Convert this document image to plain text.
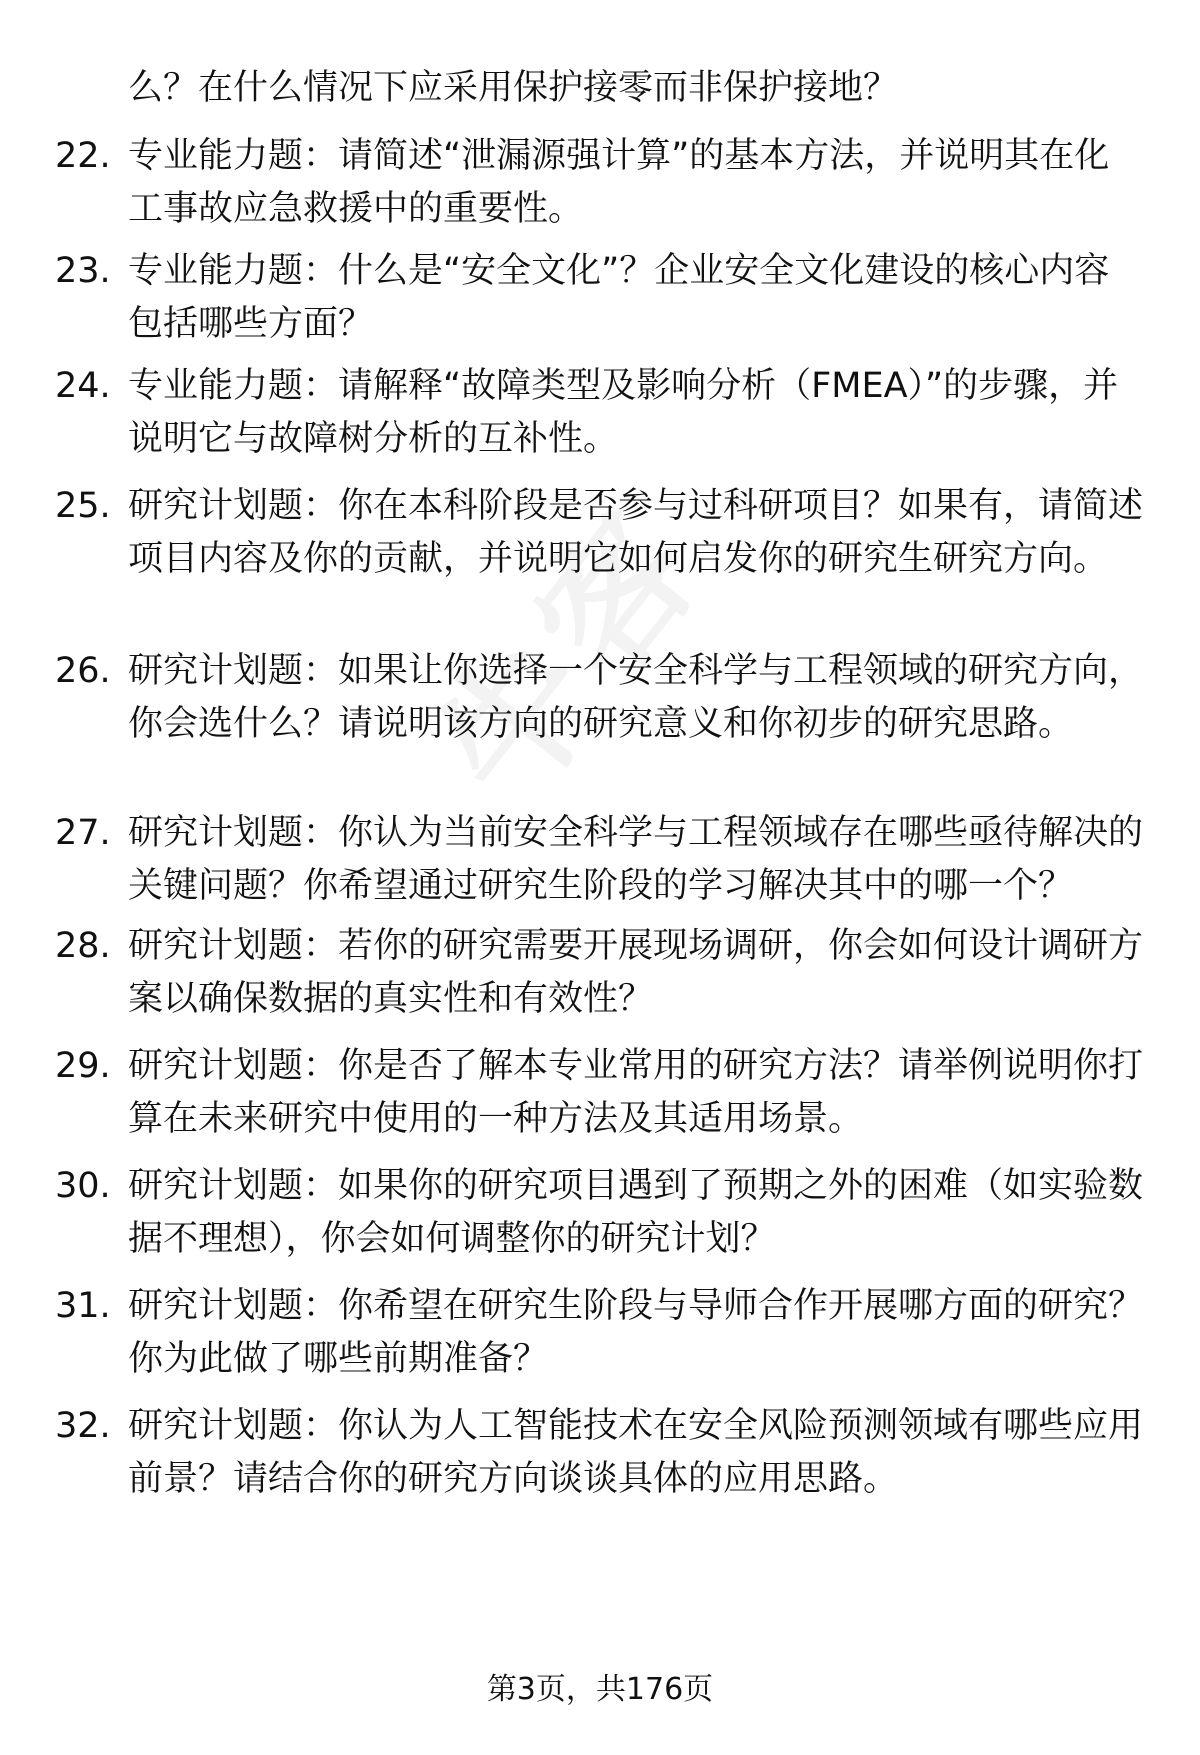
么？在什么情况下应采用保护接零而非保护接地？

22. 专业能力题：请简述“泄漏源强计算”的基本方法，并说明其在化工事故应急救援中的重要性。

23. 专业能力题：什么是“安全文化”？企业安全文化建设的核心内容包括哪些方面？

24. 专业能力题：请解释“故障类型及影响分析（FMEA）”的步骤，并说明它与故障树分析的互补性。

25. 研究计划题：你在本科阶段是否参与过科研项目？如果有，请简述项目内容及你的贡献，并说明它如何启发你的研究生研究方向。

26. 研究计划题：如果让你选择一个安全科学与工程领域的研究方向，你会选什么？请说明该方向的研究意义和你初步的研究思路。

27. 研究计划题：你认为当前安全科学与工程领域存在哪些亟待解决的关键问题？你希望通过研究生阶段的学习解决其中的哪一个？

28. 研究计划题：若你的研究需要开展现场调研，你会如何设计调研方案以确保数据的真实性和有效性？

29. 研究计划题：你是否了解本专业常用的研究方法？请举例说明你打算在未来研究中使用的一种方法及其适用场景。

30. 研究计划题：如果你的研究项目遇到了预期之外的困难（如实验数据不理想），你会如何调整你的研究计划？

31. 研究计划题：你希望在研究生阶段与导师合作开展哪方面的研究？你为此做了哪些前期准备？

32. 研究计划题：你认为人工智能技术在安全风险预测领域有哪些应用前景？请结合你的研究方向谈谈具体的应用思路。

第3页，共176页
